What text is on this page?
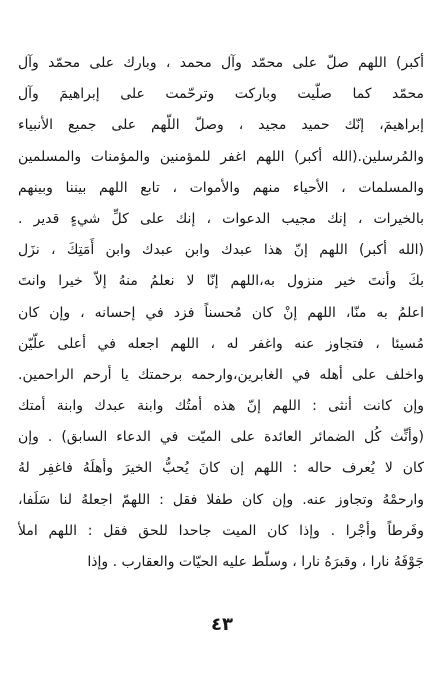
أكبر) اللهم صلّ على محمّد وآل محمد ، وبارك على محمّد وآل
محمّد كما صلّيت وباركت وترحّمت على إبراهيمَ وآل
إبراهيمَ، إنّك حميد مجيد ، وصلّ اللّهم على جميع الأنبياء
والمُرسلين.(الله أكبر) اللهم اغفر للمؤمنين والمؤمنات والمسلمين
والمسلمات ، الأحياء منهم والأموات ، تابع اللهم بيننا وبينهم
بالخيرات ، إنك مجيب الدعوات ، إنك على كلِّ شيءٍ قدير .
(الله أكبر) اللهم إنّ هذا عبدك وابن عبدك وابن أَمَتِكَ ، نزَل
بكَ وأنتَ خير منزول به،اللهم إنّا لا نعلمُ منهُ إلاّ خيرا وانتَ
اعلمُ به منّا، اللهم إنْ كان مُحسناً فزد في إحسانه ، وإن كان
مُسيئا ، فتجاوز عنه واغفر له ، اللهم اجعله في أعلى علّيّن
واخلف على أهله في الغابرين،وارحمه برحمتك يا أرحم الراحمين.
وإن كانت أنثى : اللهم إنّ هذه أمتُك وابنة عبدك وابنة أمتك
(وأنِّث كُل الضمائر العائدة على الميّت في الدعاء السابق) . وإن
كان لا يُعرف حاله : اللهم إن كانَ يُحبُّ الخيرَ وأهلَهُ فاغفِر لهُ
وارحمْهُ وتجاوز عنه. وإن كان طفلا فقل : اللهمّ اجعلهُ لنا سَلَفا،
وفَرطاً وأجْرا . وإذا كان الميت جاحدا للحق فقل : اللهم املأ
جَوْفَهُ نارا ، وقبرَهُ نارا ، وسلّط عليه الحيّات والعقارب . وإذا
٤٣
